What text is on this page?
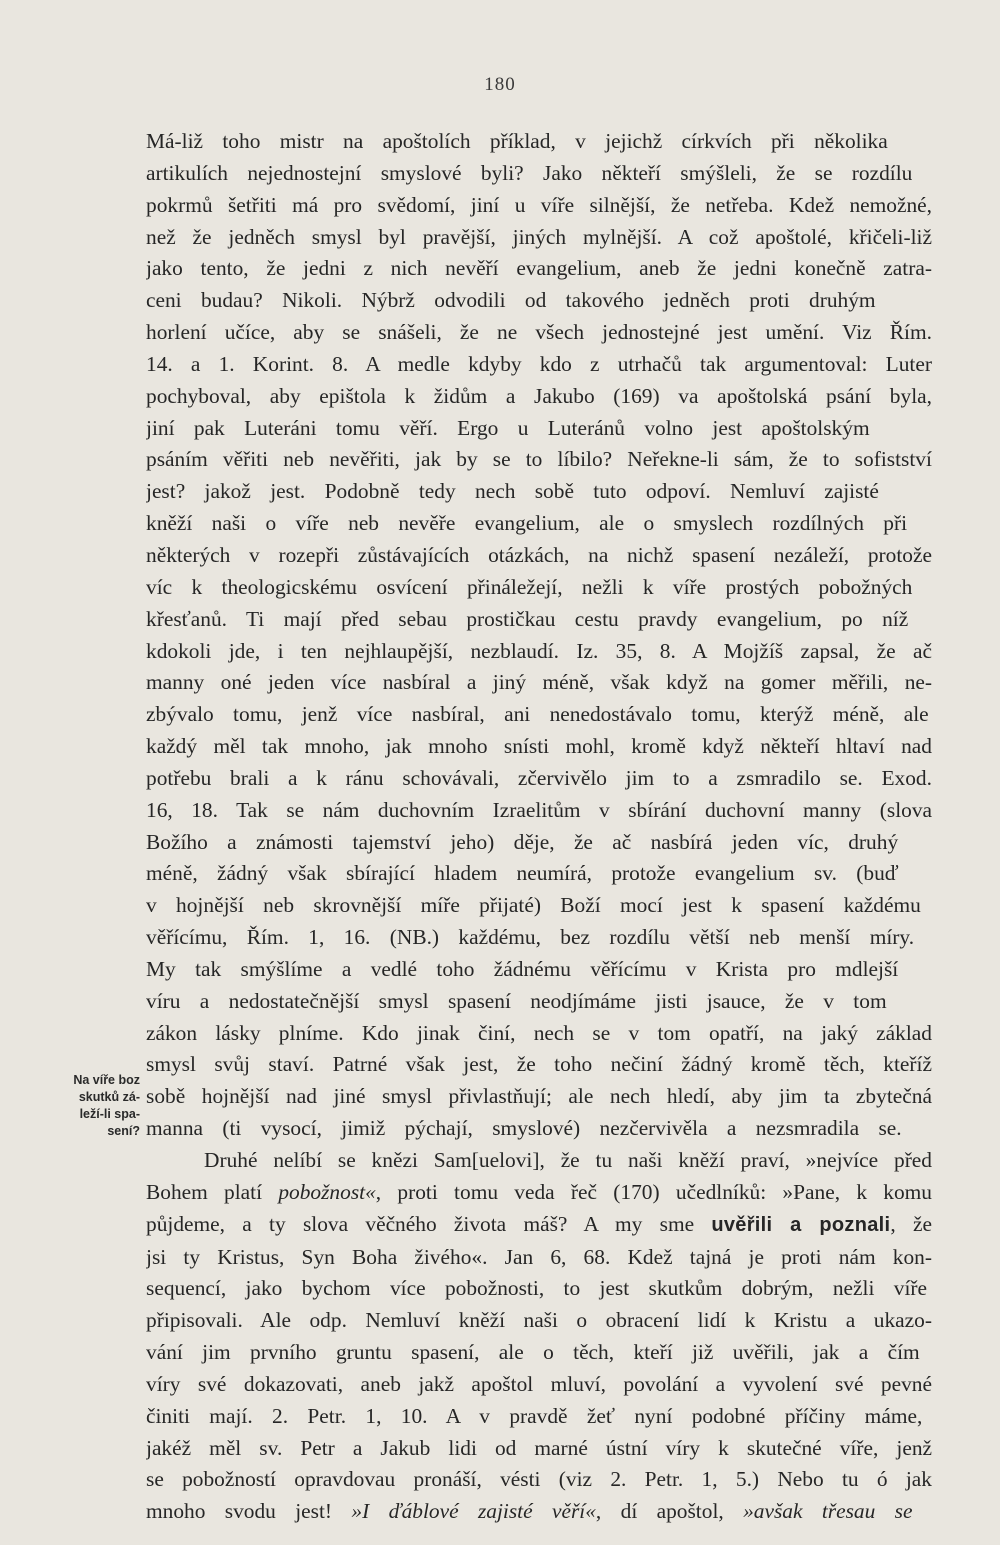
180
Má-liž toho mistr na apoštolích příklad, v jejichž církvích při několika
artikulích nejednostejní smyslové byli? Jako někteří smýšleli, že se rozdílu
pokrmů šetřiti má pro svědomí, jiní u víře silnější, že netřeba. Kdež nemožné,
než že jedněch smysl byl pravější, jiných mylnější. A což apoštolé, křičeli-liž
jako tento, že jedni z nich nevěří evangelium, aneb že jedni konečně zatra-
ceni budau? Nikoli. Nýbrž odvodili od takového jedněch proti druhým
horlení učíce, aby se snášeli, že ne všech jednostejné jest umění. Viz Řím.
14. a 1. Korint. 8. A medle kdyby kdo z utrhačů tak argumentoval: Luter
pochyboval, aby epištola k židům a Jakubo (169) va apoštolská psání byla,
jiní pak Luteráni tomu věří. Ergo u Luteránů volno jest apoštolským
psáním věřiti neb nevěřiti, jak by se to líbilo? Neřekne-li sám, že to sofistství
jest? jakož jest. Podobně tedy nech sobě tuto odpoví. Nemluví zajisté
kněží naši o víře neb nevěře evangelium, ale o smyslech rozdílných při
některých v rozepři zůstávajících otázkách, na nichž spasení nezáleží, protože
víc k theologicskému osvícení přináležejí, nežli k víře prostých pobožných
křesťanů. Ti mají před sebau prostičkau cestu pravdy evangelium, po níž
kdokoli jde, i ten nejhlaupější, nezblaudí. Iz. 35, 8. A Mojžíš zapsal, že ač
manny oné jeden více nasbíral a jiný méně, však když na gomer měřili, ne-
zbývalo tomu, jenž více nasbíral, ani nenedostávalo tomu, kterýž méně, ale
každý měl tak mnoho, jak mnoho snísti mohl, kromě když někteří hltaví nad
potřebu brali a k ránu schovávali, zčervivělo jim to a zsmradilo se. Exod.
16, 18. Tak se nám duchovním Izraelitům v sbírání duchovní manny (slova
Božího a známosti tajemství jeho) děje, že ač nasbírá jeden víc, druhý
méně, žádný však sbírající hladem neumírá, protože evangelium sv. (buď
v hojnější neb skrovnější míře přijaté) Boží mocí jest k spasení každému
věřícímu, Řím. 1, 16. (NB.) každému, bez rozdílu větší neb menší míry.
My tak smýšlíme a vedlé toho žádnému věřícímu v Krista pro mdlejší
víru a nedostatečnější smysl spasení neodjímáme jisti jsauce, že v tom
zákon lásky plníme. Kdo jinak činí, nech se v tom opatří, na jaký základ
smysl svůj staví. Patrné však jest, že toho nečiní žádný kromě těch, kteříž
sobě hojnější nad jiné smysl přivlastňují; ale nech hledí, aby jim ta zbytečná
manna (ti vysocí, jimiž pýchají, smyslové) nezčervivěla a nezsmradila se.
Druhé nelíbí se knězi Sam[uelovi], že tu naši kněží praví, »nejvíce před
Bohem platí pobožnost«, proti tomu veda řeč (170) učedlníků: »Pane, k komu
půjdeme, a ty slova věčného života máš? A my sme uvěřili a poznali, že
jsi ty Kristus, Syn Boha živého«. Jan 6, 68. Kdež tajná je proti nám kon-
sequencí, jako bychom více pobožnosti, to jest skutkům dobrým, nežli víře
připisovali. Ale odp. Nemluví kněží naši o obracení lidí k Kristu a ukazo-
vání jim prvního gruntu spasení, ale o těch, kteří již uvěřili, jak a čím
víry své dokazovati, aneb jakž apoštol mluví, povolání a vyvolení své pevné
činiti mají. 2. Petr. 1, 10. A v pravdě žeť nyní podobné příčiny máme,
jakéž měl sv. Petr a Jakub lidi od marné ústní víry k skutečné víře, jenž
se pobožností opravdovau pronáší, vésti (viz 2. Petr. 1, 5.) Nebo tu ó jak
mnoho svodu jest! »I ďáblové zajisté věří«, dí apoštol, »avšak třesau se
Na víře boz
skutků zá-
leží-li spa-
sení?
